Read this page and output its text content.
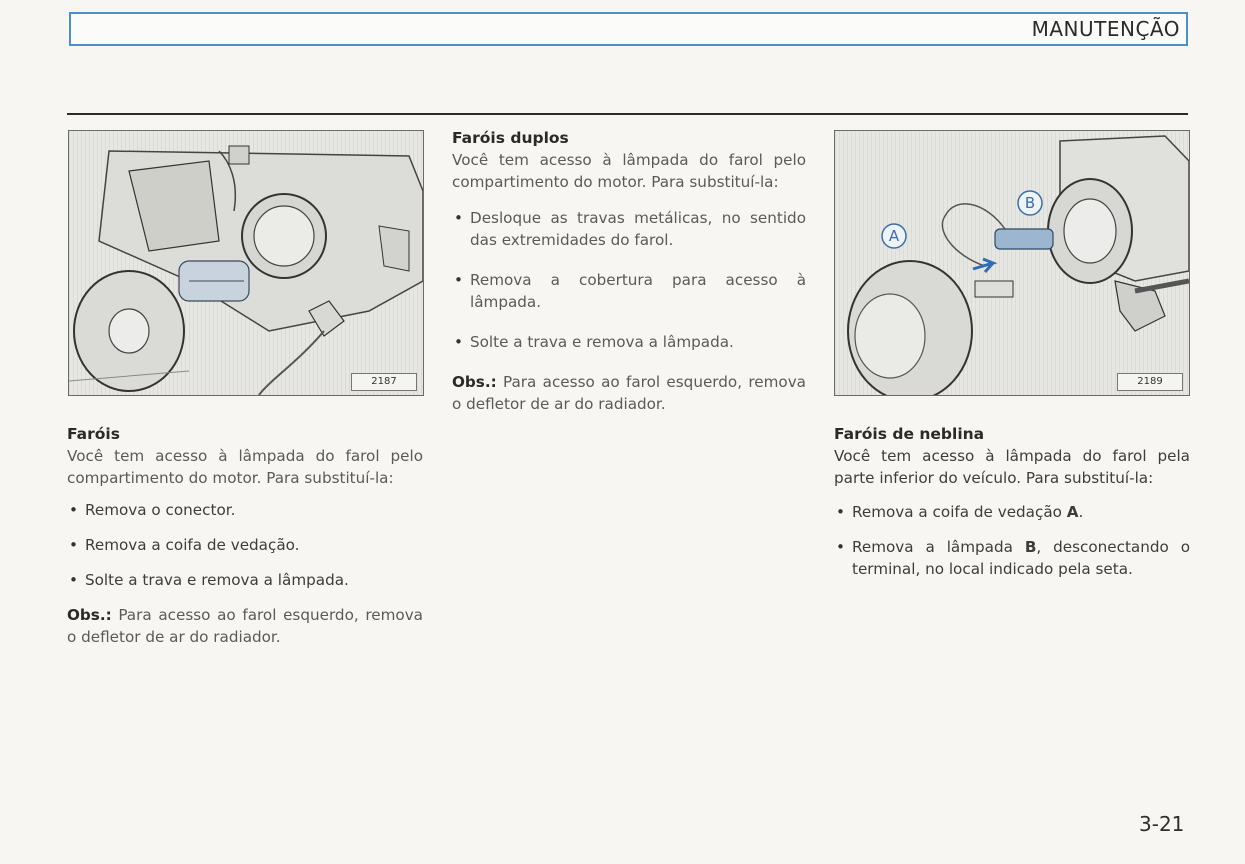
MANUTENÇÃO
2187
A
B
2189

Faróis

Você tem acesso à lâmpada do farol pelo compartimento do motor. Para substituí-la:

• Remova o conector.
• Remova a coifa de vedação.
• Solte a trava e remova a lâmpada.

Obs.: Para acesso ao farol esquerdo, remova o defletor de ar do radiador.

Faróis duplos

Você tem acesso à lâmpada do farol pelo compartimento do motor. Para substituí-la:

• Desloque as travas metálicas, no sentido das extremidades do farol.
• Remova a cobertura para acesso à lâmpada.
• Solte a trava e remova a lâmpada.

Obs.: Para acesso ao farol esquerdo, remova o defletor de ar do radiador.

Faróis de neblina

Você tem acesso à lâmpada do farol pela parte inferior do veículo. Para substituí-la:

• Remova a coifa de vedação A.
• Remova a lâmpada B, desconectando o terminal, no local indicado pela seta.
3-21
